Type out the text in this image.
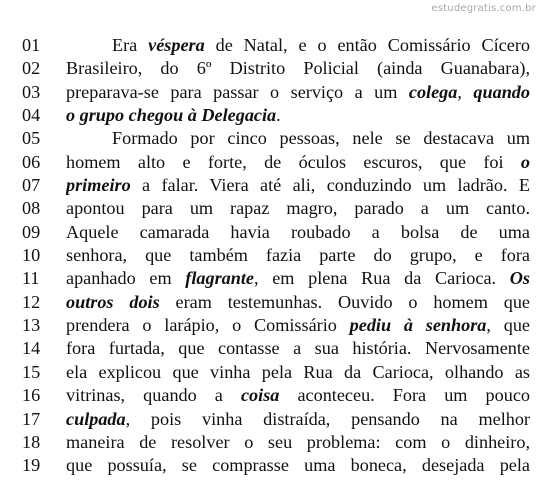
estudegratis.com.br
01	Era véspera de Natal, e o então Comissário Cícero
02	Brasileiro, do 6º Distrito Policial (ainda Guanabara),
03	preparava-se para passar o serviço a um colega, quando
04	o grupo chegou à Delegacia.
05	Formado por cinco pessoas, nele se destacava um
06	homem alto e forte, de óculos escuros, que foi o
07	primeiro a falar. Viera até ali, conduzindo um ladrão. E
08	apontou para um rapaz magro, parado a um canto.
09	Aquele camarada havia roubado a bolsa de uma
10	senhora, que também fazia parte do grupo, e fora
11	apanhado em flagrante, em plena Rua da Carioca. Os
12	outros dois eram testemunhas. Ouvido o homem que
13	prendera o larápio, o Comissário pediu à senhora, que
14	fora furtada, que contasse a sua história. Nervosamente
15	ela explicou que vinha pela Rua da Carioca, olhando as
16	vitrinas, quando a coisa aconteceu. Fora um pouco
17	culpada, pois vinha distraída, pensando na melhor
18	maneira de resolver o seu problema: com o dinheiro,
19	que possuía, se comprasse uma boneca, desejada pela
